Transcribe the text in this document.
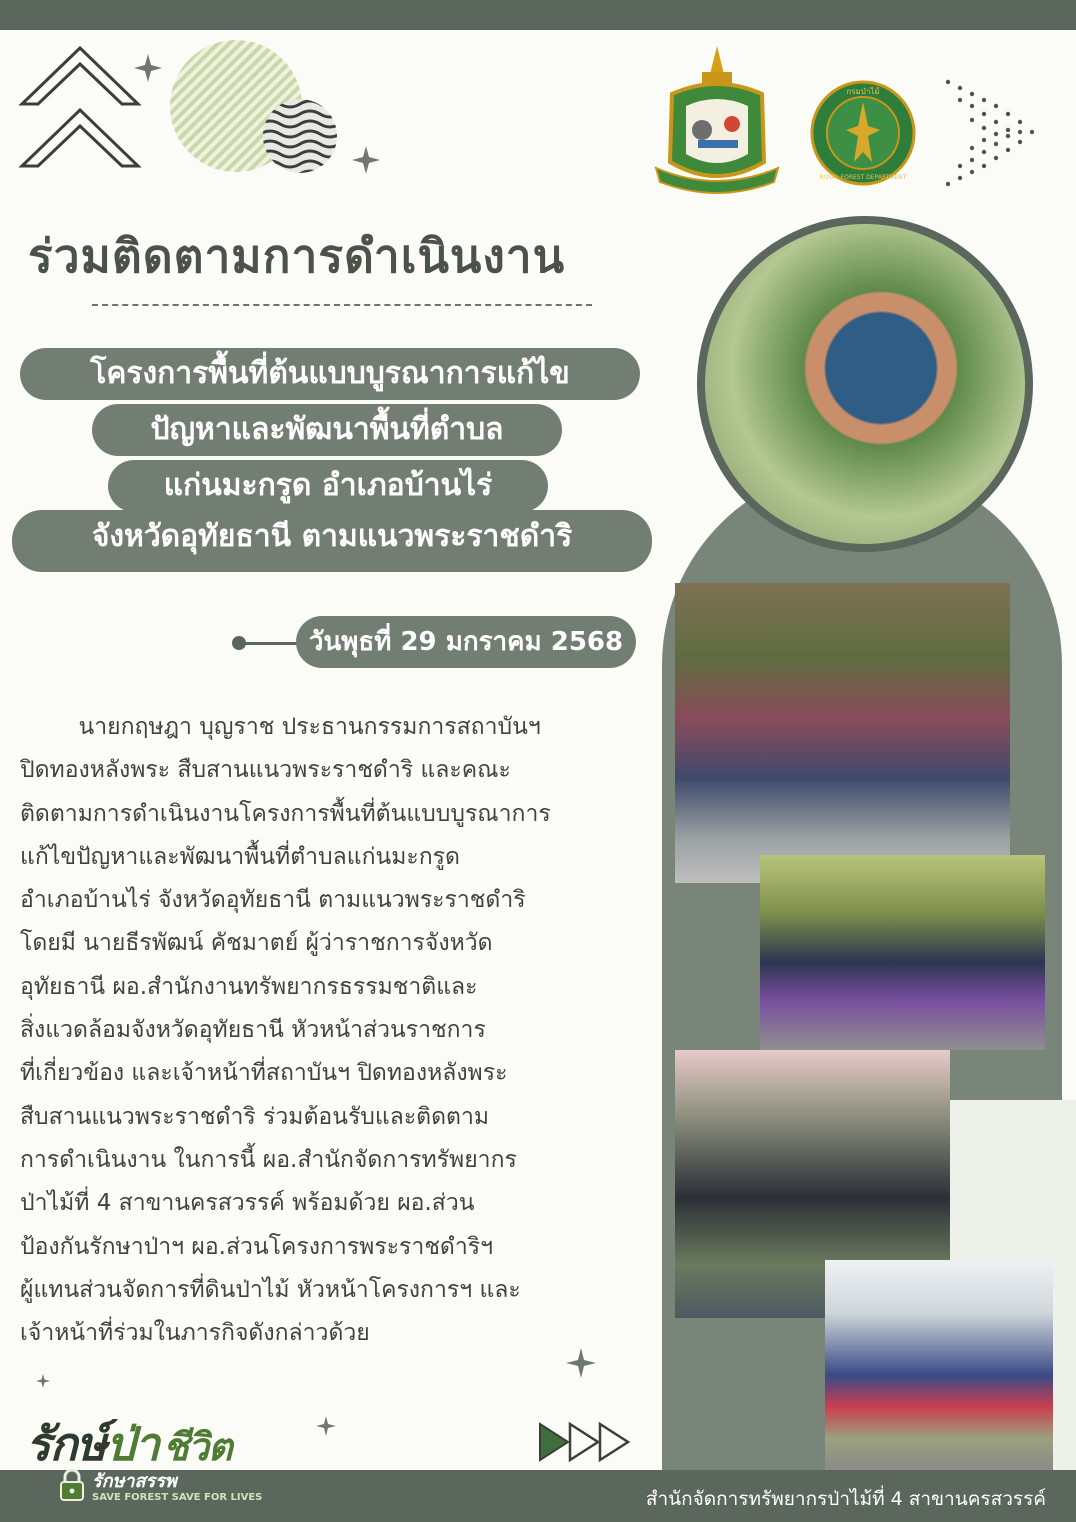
กรมป่าไม้
ROYAL FOREST DEPARTMENT
ร่วมติดตามการดำเนินงาน
โครงการพื้นที่ต้นแบบบูรณาการแก้ไข
ปัญหาและพัฒนาพื้นที่ตำบล
แก่นมะกรูด อำเภอบ้านไร่
จังหวัดอุทัยธานี ตามแนวพระราชดำริ
วันพุธที่ 29 มกราคม 2568
นายกฤษฎา บุญราช ประธานกรรมการสถาบันฯ
ปิดทองหลังพระ สืบสานแนวพระราชดำริ และคณะ
ติดตามการดำเนินงานโครงการพื้นที่ต้นแบบบูรณาการ
แก้ไขปัญหาและพัฒนาพื้นที่ตำบลแก่นมะกรูด
อำเภอบ้านไร่ จังหวัดอุทัยธานี ตามแนวพระราชดำริ
โดยมี นายธีรพัฒน์ คัชมาตย์ ผู้ว่าราชการจังหวัด
อุทัยธานี ผอ.สำนักงานทรัพยากรธรรมชาติและ
สิ่งแวดล้อมจังหวัดอุทัยธานี หัวหน้าส่วนราชการ
ที่เกี่ยวข้อง และเจ้าหน้าที่สถาบันฯ ปิดทองหลังพระ
สืบสานแนวพระราชดำริ ร่วมต้อนรับและติดตาม
การดำเนินงาน ในการนี้ ผอ.สำนักจัดการทรัพยากร
ป่าไม้ที่ 4 สาขานครสวรรค์ พร้อมด้วย ผอ.ส่วน
ป้องกันรักษาป่าฯ ผอ.ส่วนโครงการพระราชดำริฯ
ผู้แทนส่วนจัดการที่ดินป่าไม้ หัวหน้าโครงการฯ และ
เจ้าหน้าที่ร่วมในภารกิจดังกล่าวด้วย
สำนักจัดการทรัพยากรป่าไม้ที่ 4 สาขานครสวรรค์
รักษ์ป่า ชีวิต
รักษาสรรพ
SAVE FOREST SAVE FOR LIVES
